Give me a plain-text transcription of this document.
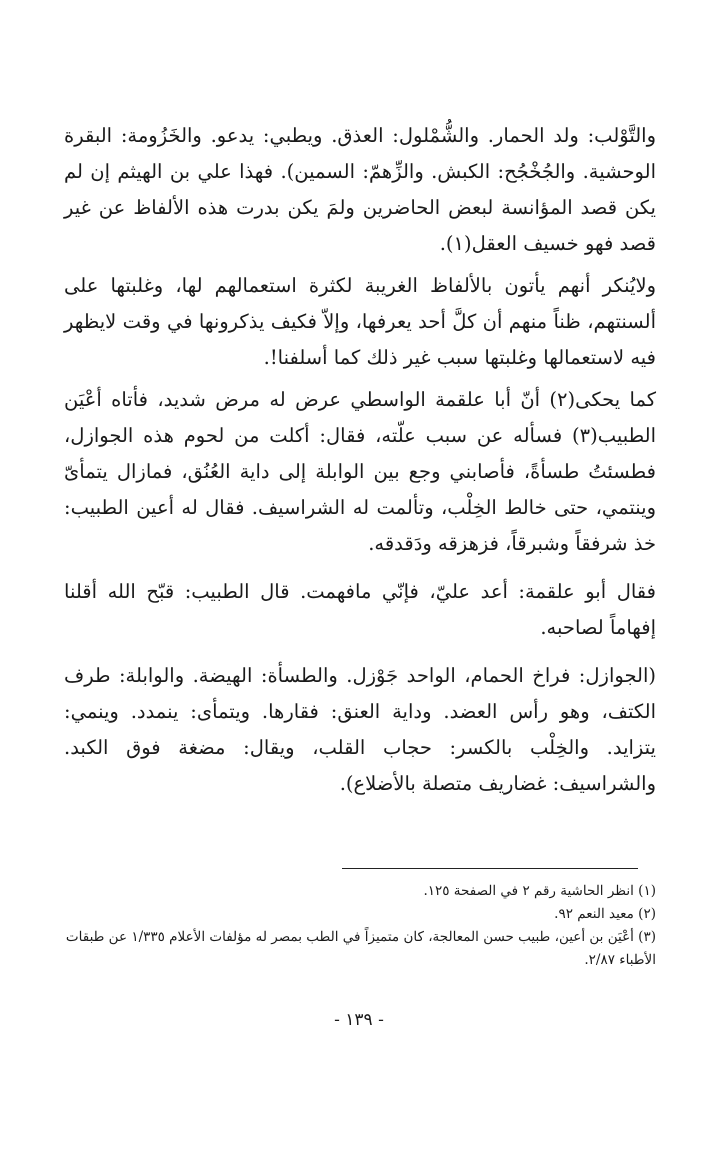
والتَّوْلب: ولد الحمار. والشُّمْلول: العذق. ويطبي: يدعو. والخَزُومة: البقرة الوحشية. والجُخْجُح: الكبش. والزِّهمّ: السمين). فهذا علي بن الهيثم إن لم يكن قصد المؤانسة لبعض الحاضرين ولمَ يكن بدرت هذه الألفاظ عن غير قصد فهو خسيف العقل(١).

ولايُنكر أنهم يأتون بالألفاظ الغريبة لكثرة استعمالهم لها، وغلبتها على ألسنتهم، ظناً منهم أن كلَّ أحد يعرفها، وإلاّ فكيف يذكرونها في وقت لايظهر فيه لاستعمالها وغلبتها سبب غير ذلك كما أسلفنا!.

كما يحكى(٢) أنّ أبا علقمة الواسطي عرض له مرض شديد، فأتاه أعْيَن الطبيب(٣) فسأله عن سبب علّته، فقال: أكلت من لحوم هذه الجوازل، فطسئتُ طسأةً، فأصابني وجع بين الوابلة إلى داية العُنُق، فمازال يتمأىّ وينتمي، حتى خالط الخِلْب، وتألمت له الشراسيف. فقال له أعين الطبيب: خذ شرفقاً وشبرقاً، فزهزقه ودَقدقه.

فقال أبو علقمة: أعد عليّ، فإنّي مافهمت. قال الطبيب: قبّح الله أقلنا إفهاماً لصاحبه.

(الجوازل: فراخ الحمام، الواحد جَوْزل. والطسأة: الهيضة. والوابلة: طرف الكتف، وهو رأس العضد. وداية العنق: فقارها. ويتمأى: ينمدد. وينمي: يتزايد. والخِلْب بالكسر: حجاب القلب، ويقال: مضغة فوق الكبد. والشراسيف: غضاريف متصلة بالأضلاع).

(١) انظر الحاشية رقم ٢ في الصفحة ١٢٥.

(٢) معيد النعم ٩٢.

(٣) أعْيَن بن أعين، طبيب حسن المعالجة، كان متميزاً في الطب بمصر له مؤلفات الأعلام ١/٣٣٥ عن طبقات الأطباء ٢/٨٧.

- ١٣٩ -
